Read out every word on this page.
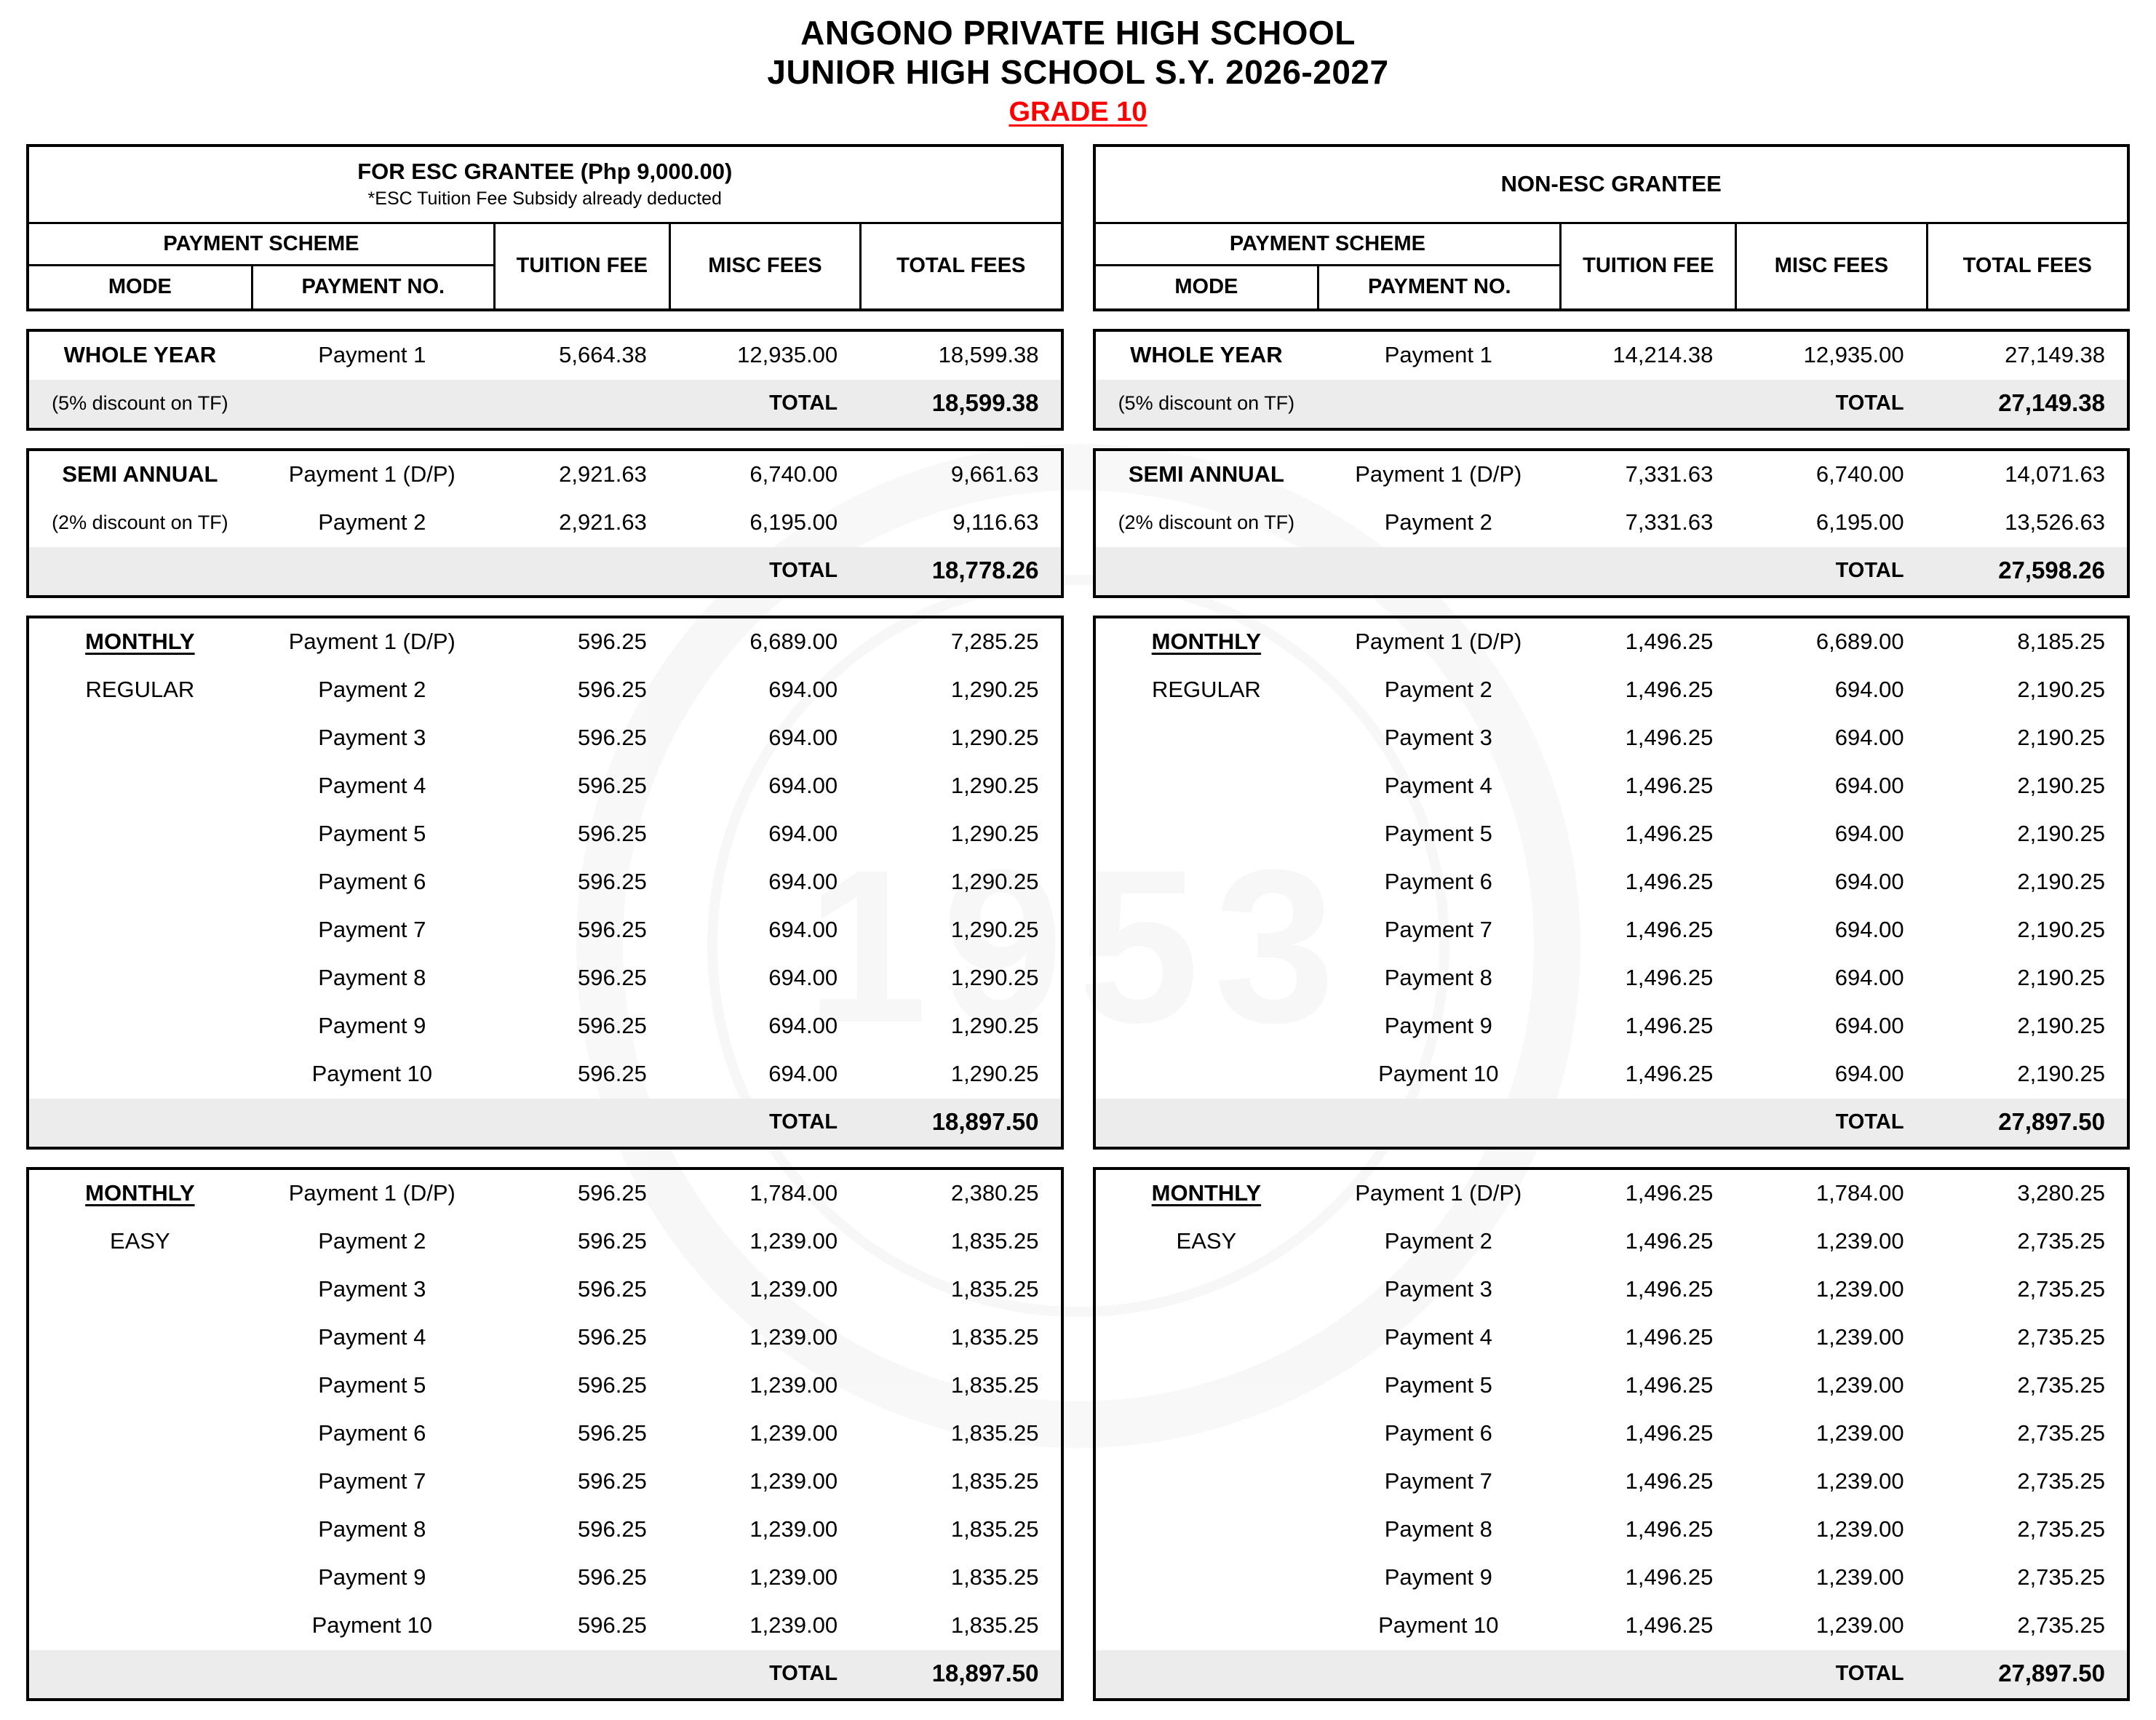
ANGONO PRIVATE HIGH SCHOOL
JUNIOR HIGH SCHOOL S.Y. 2026-2027
GRADE 10
FOR ESC GRANTEE (Php 9,000.00)
*ESC Tuition Fee Subsidy already deducted
PAYMENT SCHEME
TUITION FEE	MISC FEES	TOTAL FEES
MODE	PAYMENT NO.
WHOLE YEAR	Payment 1	5,664.38	12,935.00	18,599.38
(5% discount on TF)	TOTAL	18,599.38
SEMI ANNUAL	Payment 1 (D/P)	2,921.63	6,740.00	9,661.63
(2% discount on TF)	Payment 2	2,921.63	6,195.00	9,116.63
TOTAL	18,778.26
MONTHLY	Payment 1 (D/P)	596.25	6,689.00	7,285.25
REGULAR	Payment 2	596.25	694.00	1,290.25
Payment 3	596.25	694.00	1,290.25
Payment 4	596.25	694.00	1,290.25
Payment 5	596.25	694.00	1,290.25
Payment 6	596.25	694.00	1,290.25
Payment 7	596.25	694.00	1,290.25
Payment 8	596.25	694.00	1,290.25
Payment 9	596.25	694.00	1,290.25
Payment 10	596.25	694.00	1,290.25
TOTAL	18,897.50
MONTHLY	Payment 1 (D/P)	596.25	1,784.00	2,380.25
EASY	Payment 2	596.25	1,239.00	1,835.25
Payment 3	596.25	1,239.00	1,835.25
Payment 4	596.25	1,239.00	1,835.25
Payment 5	596.25	1,239.00	1,835.25
Payment 6	596.25	1,239.00	1,835.25
Payment 7	596.25	1,239.00	1,835.25
Payment 8	596.25	1,239.00	1,835.25
Payment 9	596.25	1,239.00	1,835.25
Payment 10	596.25	1,239.00	1,835.25
TOTAL	18,897.50
NON-ESC GRANTEE
PAYMENT SCHEME
TUITION FEE	MISC FEES	TOTAL FEES
MODE	PAYMENT NO.
WHOLE YEAR	Payment 1	14,214.38	12,935.00	27,149.38
(5% discount on TF)	TOTAL	27,149.38
SEMI ANNUAL	Payment 1 (D/P)	7,331.63	6,740.00	14,071.63
(2% discount on TF)	Payment 2	7,331.63	6,195.00	13,526.63
TOTAL	27,598.26
MONTHLY	Payment 1 (D/P)	1,496.25	6,689.00	8,185.25
REGULAR	Payment 2	1,496.25	694.00	2,190.25
Payment 3	1,496.25	694.00	2,190.25
Payment 4	1,496.25	694.00	2,190.25
Payment 5	1,496.25	694.00	2,190.25
Payment 6	1,496.25	694.00	2,190.25
Payment 7	1,496.25	694.00	2,190.25
Payment 8	1,496.25	694.00	2,190.25
Payment 9	1,496.25	694.00	2,190.25
Payment 10	1,496.25	694.00	2,190.25
TOTAL	27,897.50
MONTHLY	Payment 1 (D/P)	1,496.25	1,784.00	3,280.25
EASY	Payment 2	1,496.25	1,239.00	2,735.25
Payment 3	1,496.25	1,239.00	2,735.25
Payment 4	1,496.25	1,239.00	2,735.25
Payment 5	1,496.25	1,239.00	2,735.25
Payment 6	1,496.25	1,239.00	2,735.25
Payment 7	1,496.25	1,239.00	2,735.25
Payment 8	1,496.25	1,239.00	2,735.25
Payment 9	1,496.25	1,239.00	2,735.25
Payment 10	1,496.25	1,239.00	2,735.25
TOTAL	27,897.50
